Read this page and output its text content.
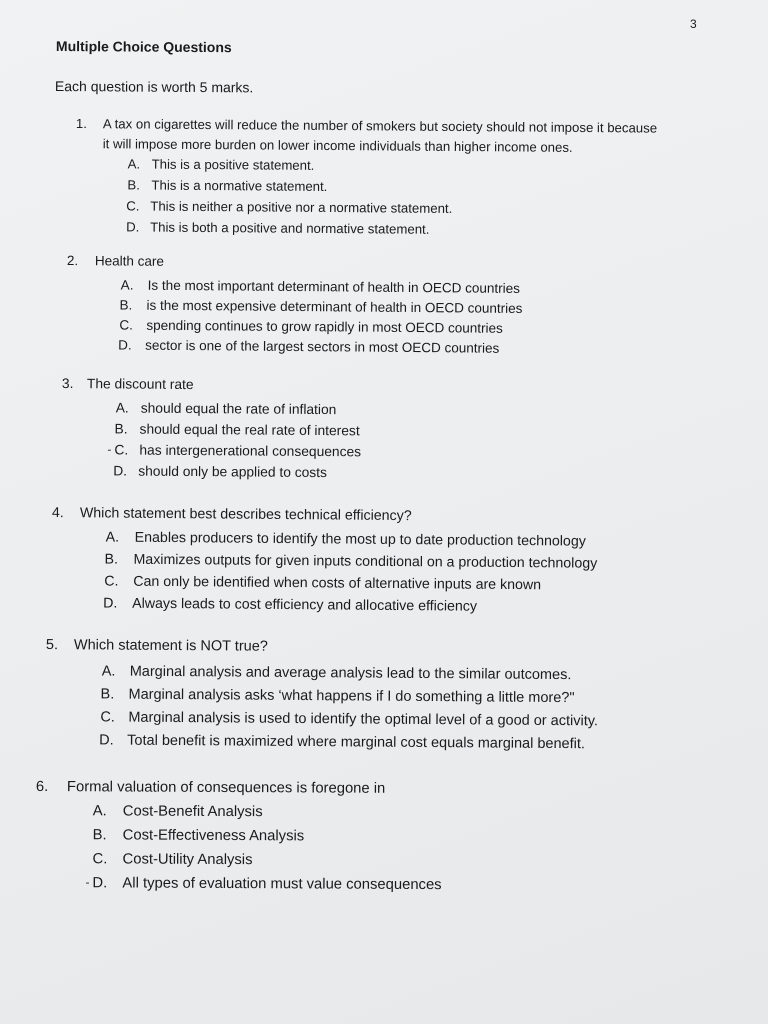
3
Multiple Choice Questions
Each question is worth 5 marks.
1. A tax on cigarettes will reduce the number of smokers but society should not impose it because
it will impose more burden on lower income individuals than higher income ones.
A. This is a positive statement.
B. This is a normative statement.
C. This is neither a positive nor a normative statement.
D. This is both a positive and normative statement.
2. Health care
A. Is the most important determinant of health in OECD countries
B. is the most expensive determinant of health in OECD countries
C. spending continues to grow rapidly in most OECD countries
D. sector is one of the largest sectors in most OECD countries
3. The discount rate
A. should equal the rate of inflation
B. should equal the real rate of interest
- C. has intergenerational consequences
D. should only be applied to costs
4. Which statement best describes technical efficiency?
A. Enables producers to identify the most up to date production technology
B. Maximizes outputs for given inputs conditional on a production technology
C. Can only be identified when costs of alternative inputs are known
D. Always leads to cost efficiency and allocative efficiency
5. Which statement is NOT true?
A. Marginal analysis and average analysis lead to the similar outcomes.
B. Marginal analysis asks ‘what happens if I do something a little more?"
C. Marginal analysis is used to identify the optimal level of a good or activity.
D. Total benefit is maximized where marginal cost equals marginal benefit.
6. Formal valuation of consequences is foregone in
A. Cost-Benefit Analysis
B. Cost-Effectiveness Analysis
C. Cost-Utility Analysis
- D. All types of evaluation must value consequences
